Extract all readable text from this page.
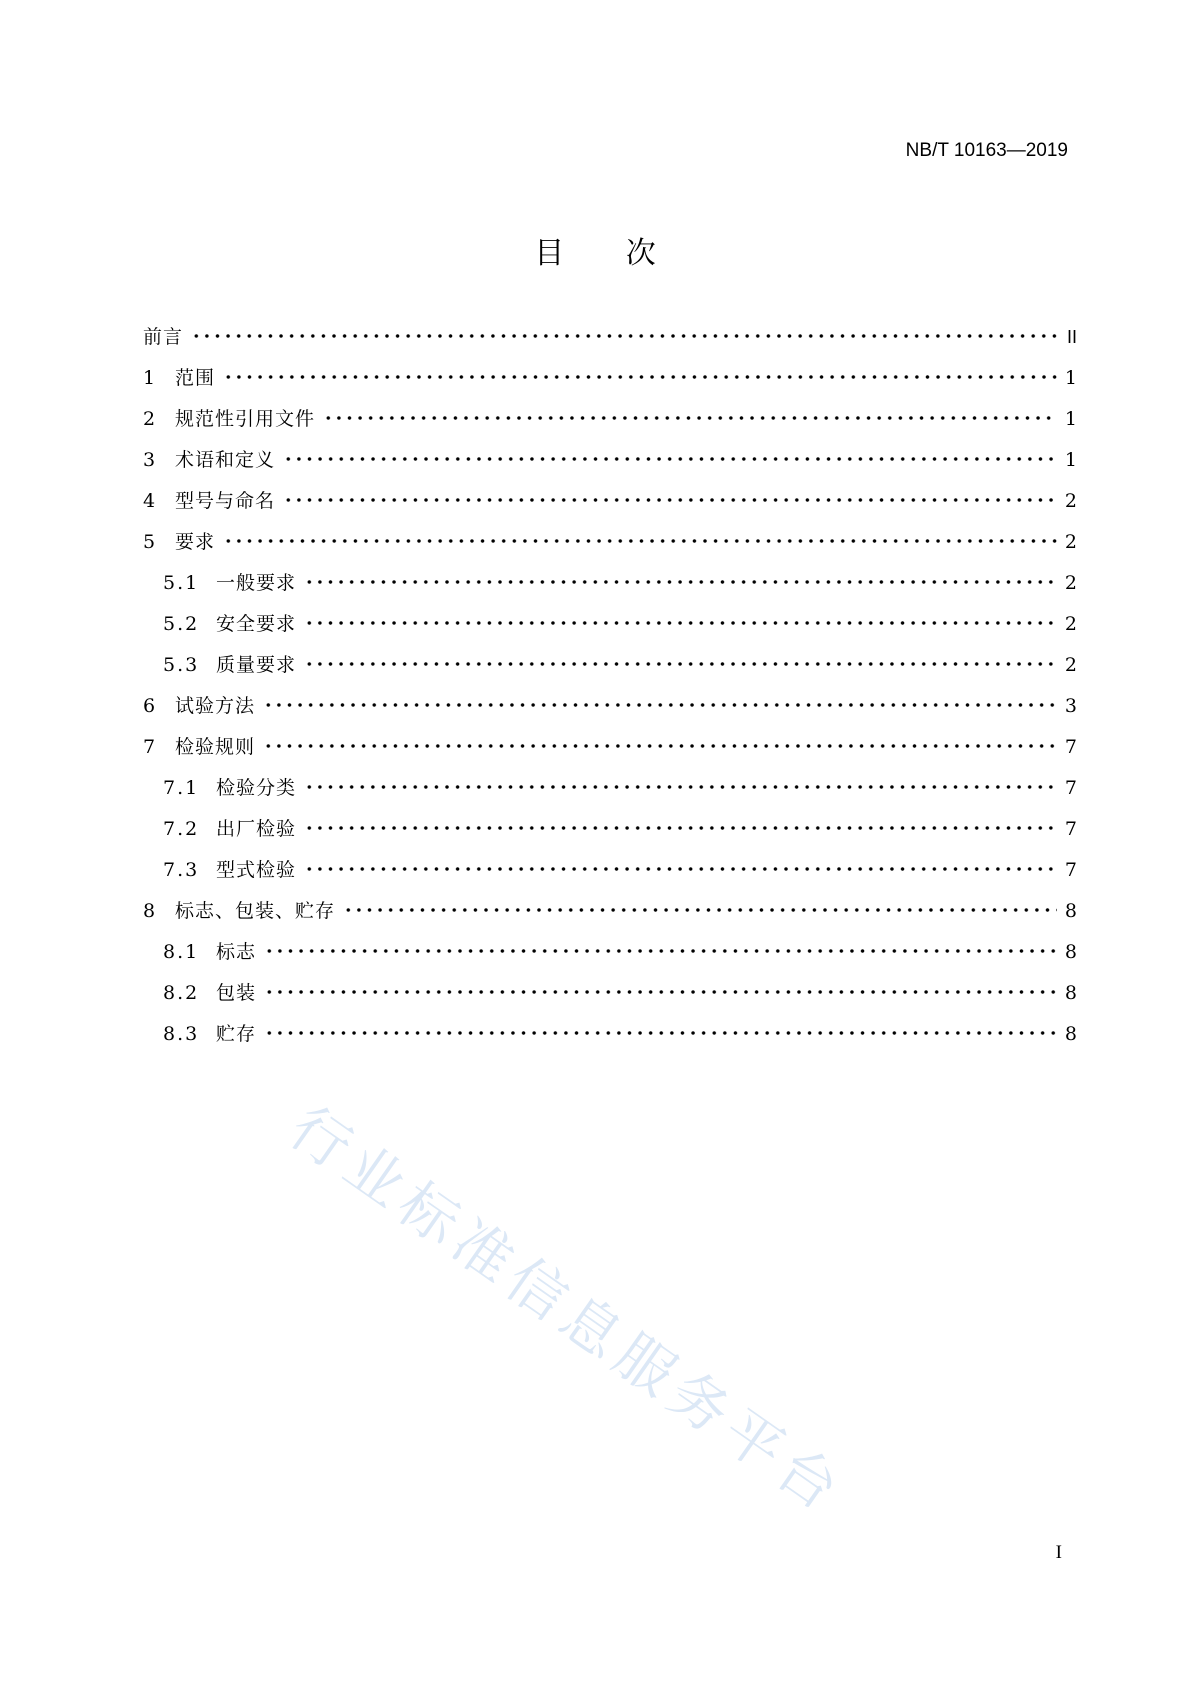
NB/T 10163—2019
目 次
前言	II
1	范围	1
2	规范性引用文件	1
3	术语和定义	1
4	型号与命名	2
5	要求	2
5.1 一般要求	2
5.2 安全要求	2
5.3 质量要求	2
6	试验方法	3
7	检验规则	7
7.1 检验分类	7
7.2 出厂检验	7
7.3 型式检验	7
8	标志、包装、贮存	8
8.1 标志	8
8.2 包装	8
8.3 贮存	8
行业标准信息服务平台
I
